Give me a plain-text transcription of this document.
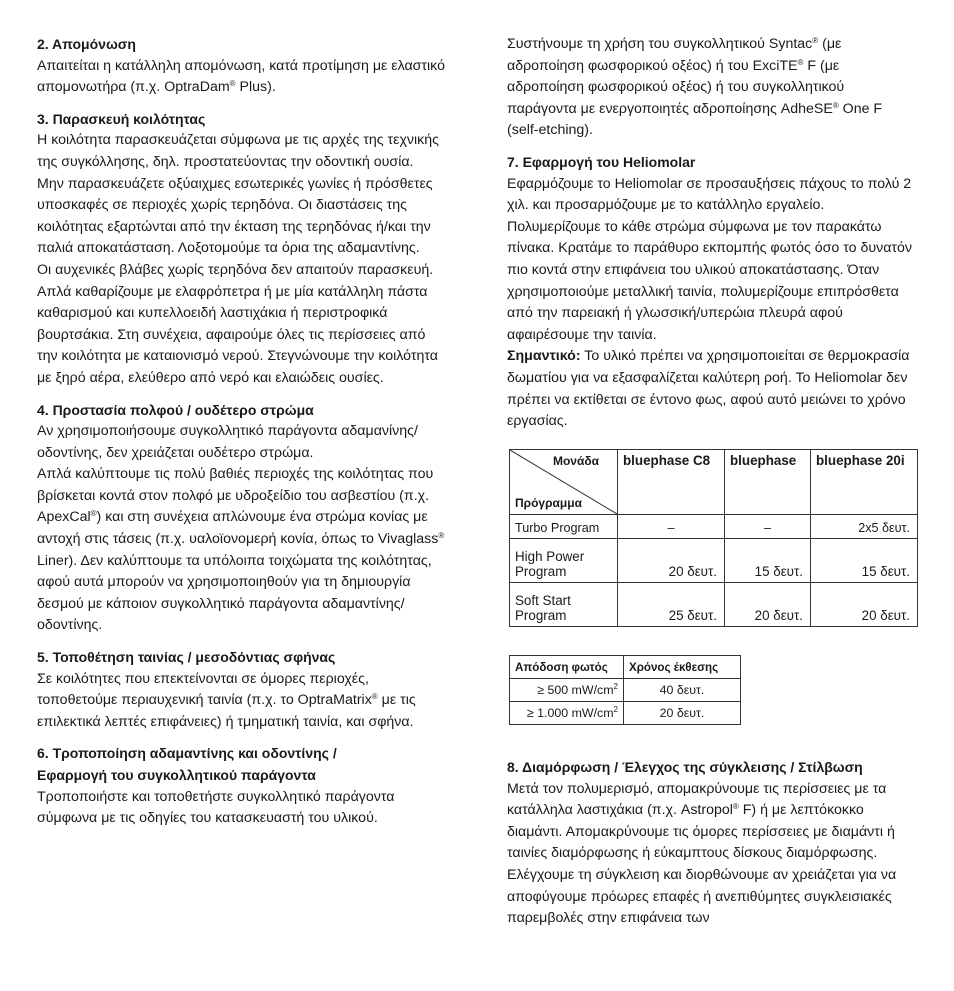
2. Απομόνωση

Απαιτείται η κατάλληλη απομόνωση, κατά προτίμηση με ελαστικό απομονωτήρα (π.χ. OptraDam® Plus).

3. Παρασκευή κοιλότητας

Η κοιλότητα παρασκευάζεται σύμφωνα με τις αρχές της τεχνικής της συγκόλλησης, δηλ. προστατεύοντας την οδοντική ουσία.

Μην παρασκευάζετε οξύαιχμες εσωτερικές γωνίες ή πρόσθετες υποσκαφές σε περιοχές χωρίς τερηδόνα. Οι διαστάσεις της κοιλότητας εξαρτώνται από την έκταση της τερηδόνας ή/και την παλιά αποκατάσταση. Λοξοτομούμε τα όρια της αδαμαντίνης.

Οι αυχενικές βλάβες χωρίς τερηδόνα δεν απαιτούν παρασκευή. Απλά καθαρίζουμε με ελαφρόπετρα ή με μία κατάλληλη πάστα καθαρισμού και κυπελλοειδή λαστιχάκια ή περιστροφικά βουρτσάκια. Στη συνέχεια, αφαιρούμε όλες τις περίσσειες από την κοιλότητα με καταιονισμό νερού. Στεγνώνουμε την κοιλότητα με ξηρό αέρα, ελεύθερο από νερό και ελαιώδεις ουσίες.

4. Προστασία πολφού / ουδέτερο στρώμα

Αν χρησιμοποιήσουμε συγκολλητικό παράγοντα αδαμανίνης/οδοντίνης, δεν χρειάζεται ουδέτερο στρώμα.

Απλά καλύπτουμε τις πολύ βαθιές περιοχές της κοιλότητας που βρίσκεται κοντά στον πολφό με υδροξείδιο του ασβεστίου (π.χ. ApexCal®) και στη συνέχεια απλώνουμε ένα στρώμα κονίας με αντοχή στις τάσεις (π.χ. υαλοϊονομερή κονία, όπως το Vivaglass® Liner). Δεν καλύπτουμε τα υπόλοιπα τοιχώματα της κοιλότητας, αφού αυτά μπορούν να χρησιμοποιηθούν για τη δημιουργία δεσμού με κάποιον συγκολλητικό παράγοντα αδαμαντίνης/οδοντίνης.

5. Τοποθέτηση ταινίας / μεσοδόντιας σφήνας

Σε κοιλότητες που επεκτείνονται σε όμορες περιοχές, τοποθετούμε περιαυχενική ταινία (π.χ. το OptraMatrix® με τις επιλεκτικά λεπτές επιφάνειες) ή τμηματική ταινία, και σφήνα.

6. Τροποποίηση αδαμαντίνης και οδοντίνης /
Εφαρμογή του συγκολλητικού παράγοντα

Τροποποιήστε και τοποθετήστε συγκολλητικό παράγοντα σύμφωνα με τις οδηγίες του κατασκευαστή του υλικού.

Συστήνουμε τη χρήση του συγκολλητικού Syntac® (με αδροποίηση φωσφορικού οξέος) ή του ExciTE® F (με αδροποίηση φωσφορικού οξέος) ή του συγκολλητικού παράγοντα με ενεργοποιητές αδροποίησης AdheSE® One F (self-etching).

7. Εφαρμογή του Heliomolar

Εφαρμόζουμε το Heliomolar σε προσαυξήσεις πάχους το πολύ 2 χιλ. και προσαρμόζουμε με το κατάλληλο εργαλείο. Πολυμερίζουμε το κάθε στρώμα σύμφωνα με τον παρακάτω πίνακα. Κρατάμε το παράθυρο εκπομπής φωτός όσο το δυνατόν πιο κοντά στην επιφάνεια του υλικού αποκατάστασης. Όταν χρησιμοποιούμε μεταλλική ταινία, πολυμερίζουμε επιπρόσθετα από την παρειακή ή γλωσσική/υπερώια πλευρά αφού αφαιρέσουμε την ταινία.

Σημαντικό: Το υλικό πρέπει να χρησιμοποιείται σε θερμοκρασία δωματίου για να εξασφαλίζεται καλύτερη ροή. Το Heliomolar δεν πρέπει να εκτίθεται σε έντονο φως, αφού αυτό μειώνει το χρόνο εργασίας.

Μονάδα
Πρόγραμμα	bluephase C8	bluephase	bluephase 20i
Turbo Program	–	–	2x5 δευτ.

High Power
Program	20 δευτ.	15 δευτ.	15 δευτ.

Soft Start
Program	25 δευτ.	20 δευτ.	20 δευτ.
Απόδοση φωτός	Χρόνος έκθεσης
≥ 500 $mW/cm^2$	40 δευτ.
≥ 1.000 $mW/cm^2$	20 δευτ.
8. Διαμόρφωση / Έλεγχος της σύγκλεισης / Στίλβωση

Μετά τον πολυμερισμό, απομακρύνουμε τις περίσσειες με τα κατάλληλα λαστιχάκια (π.χ. Astropol® F) ή με λεπτόκοκκο διαμάντι. Απομακρύνουμε τις όμορες περίσσειες με διαμάντι ή ταινίες διαμόρφωσης ή εύκαμπτους δίσκους διαμόρφωσης. Ελέγχουμε τη σύγκλειση και διορθώνουμε αν χρειάζεται για να αποφύγουμε πρόωρες επαφές ή ανεπιθύμητες συγκλεισιακές παρεμβολές στην επιφάνεια των
